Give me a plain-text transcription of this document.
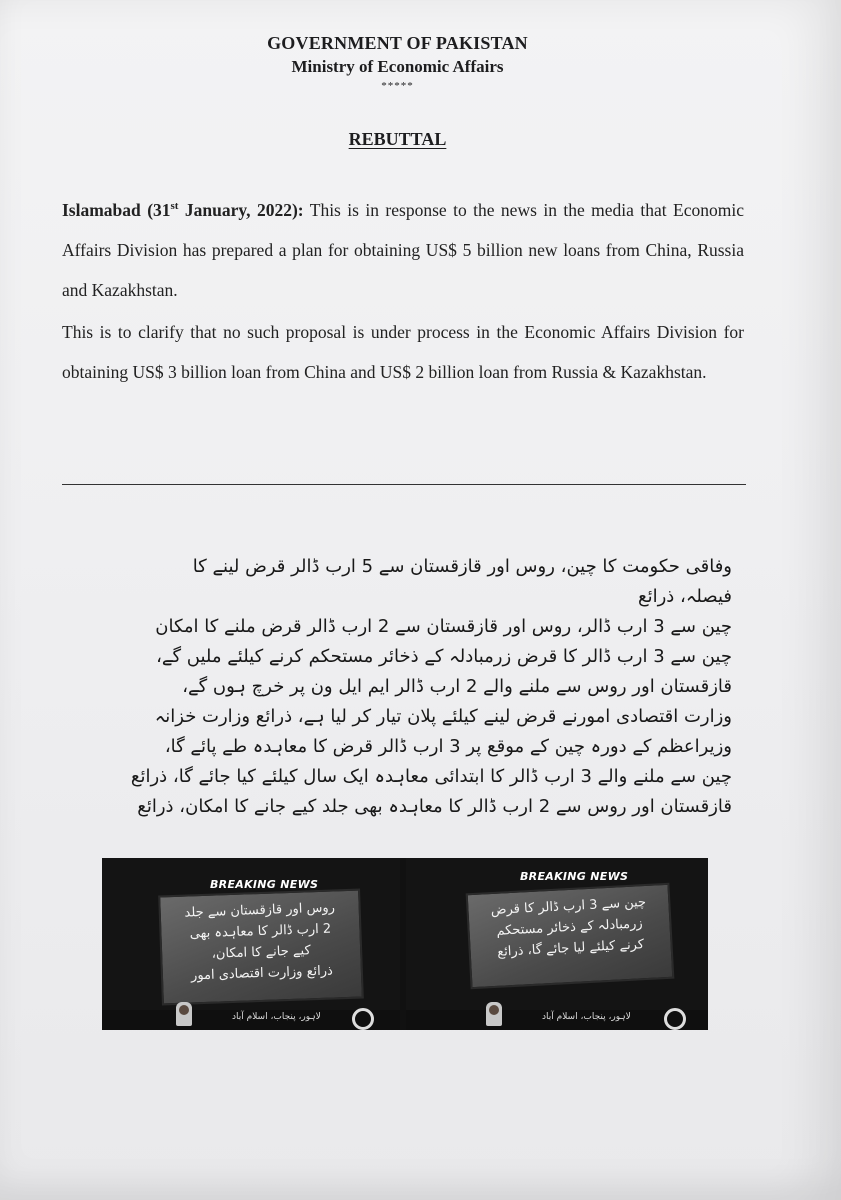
GOVERNMENT OF PAKISTAN
Ministry of Economic Affairs
*****
REBUTTAL
Islamabad (31st January, 2022): This is in response to the news in the media that Economic Affairs Division has prepared a plan for obtaining US$ 5 billion new loans from China, Russia and Kazakhstan.
This is to clarify that no such proposal is under process in the Economic Affairs Division for obtaining US$ 3 billion loan from China and US$ 2 billion loan from Russia & Kazakhstan.
وفاقی حکومت کا چین، روس اور قازقستان سے 5 ارب ڈالر قرض لینے کا
فیصلہ، ذرائع
چین سے 3 ارب ڈالر، روس اور قازقستان سے 2 ارب ڈالر قرض ملنے کا امکان
چین سے 3 ارب ڈالر کا قرض زرمبادلہ کے ذخائر مستحکم کرنے کیلئے ملیں گے،
قازقستان اور روس سے ملنے والے 2 ارب ڈالر ایم ایل ون پر خرچ ہوں گے،
وزارت اقتصادی امورنے قرض لینے کیلئے پلان تیار کر لیا ہے، ذرائع وزارت خزانہ
وزیراعظم کے دورہ چین کے موقع پر 3 ارب ڈالر قرض کا معاہدہ طے پائے گا،
چین سے ملنے والے 3 ارب ڈالر کا ابتدائی معاہدہ ایک سال کیلئے کیا جائے گا، ذرائع
قازقستان اور روس سے 2 ارب ڈالر کا معاہدہ بھی جلد کیے جانے کا امکان، ذرائع
BREAKING NEWS
روس اور قازقستان سے جلد
2 ارب ڈالر کا معاہدہ بھی
کیے جانے کا امکان،
ذرائع وزارت اقتصادی امور
لاہور، پنجاب، اسلام آباد
BREAKING NEWS
چین سے 3 ارب ڈالر کا قرض
زرمبادلہ کے ذخائر مستحکم
کرنے کیلئے لیا جائے گا، ذرائع
لاہور، پنجاب، اسلام آباد
